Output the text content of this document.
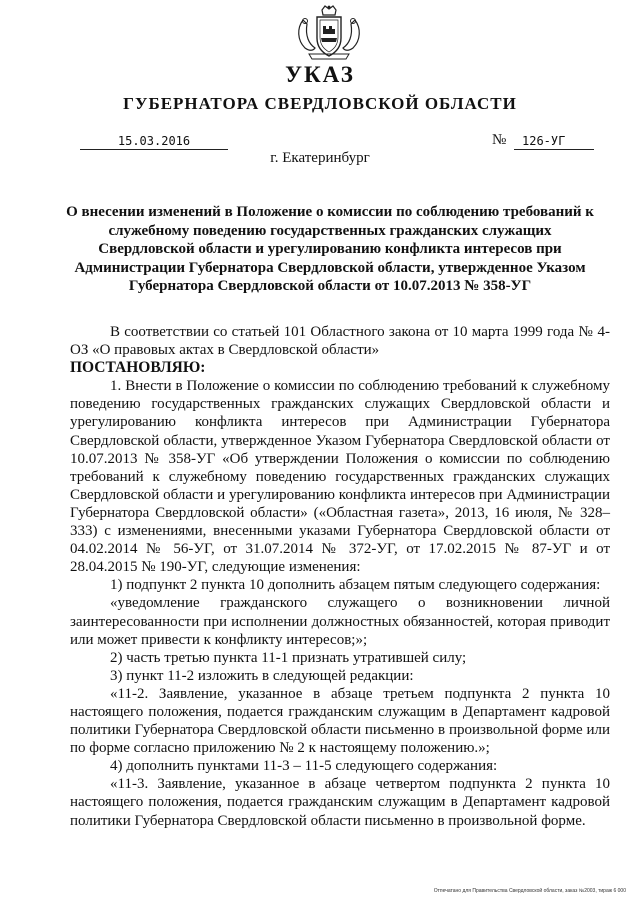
УКАЗ
ГУБЕРНАТОРА СВЕРДЛОВСКОЙ ОБЛАСТИ
15.03.2016	№	126-УГ
г. Екатеринбург
О внесении изменений в Положение о комиссии по соблюдению требований к служебному поведению государственных гражданских служащих Свердловской области и урегулированию конфликта интересов при Администрации Губернатора Свердловской области, утвержденное Указом Губернатора Свердловской области от 10.07.2013 № 358-УГ

В соответствии со статьей 101 Областного закона от 10 марта 1999 года № 4-ОЗ «О правовых актах в Свердловской области»

ПОСТАНОВЛЯЮ:

1. Внести в Положение о комиссии по соблюдению требований к служебному поведению государственных гражданских служащих Свердловской области и урегулированию конфликта интересов при Администрации Губернатора Свердловской области, утвержденное Указом Губернатора Свердловской области от 10.07.2013 № 358-УГ «Об утверждении Положения о комиссии по соблюдению требований к служебному поведению государственных гражданских служащих Свердловской области и урегулированию конфликта интересов при Администрации Губернатора Свердловской области» («Областная газета», 2013, 16 июля, № 328–333) с изменениями, внесенными указами Губернатора Свердловской области от 04.02.2014 № 56-УГ, от 31.07.2014 № 372-УГ, от 17.02.2015 № 87-УГ и от 28.04.2015 № 190-УГ, следующие изменения:

1) подпункт 2 пункта 10 дополнить абзацем пятым следующего содержания:

«уведомление гражданского служащего о возникновении личной заинтересованности при исполнении должностных обязанностей, которая приводит или может привести к конфликту интересов;»;

2) часть третью пункта 11-1 признать утратившей силу;

3) пункт 11-2 изложить в следующей редакции:

«11-2. Заявление, указанное в абзаце третьем подпункта 2 пункта 10 настоящего положения, подается гражданским служащим в Департамент кадровой политики Губернатора Свердловской области письменно в произвольной форме или по форме согласно приложению № 2 к настоящему положению.»;

4) дополнить пунктами 11-3 – 11-5 следующего содержания:

«11-3. Заявление, указанное в абзаце четвертом подпункта 2 пункта 10 настоящего положения, подается гражданским служащим в Департамент кадровой политики Губернатора Свердловской области письменно в произвольной форме.

Отпечатано для Правительства Свердловской области, заказ №2003, тираж 6 000
